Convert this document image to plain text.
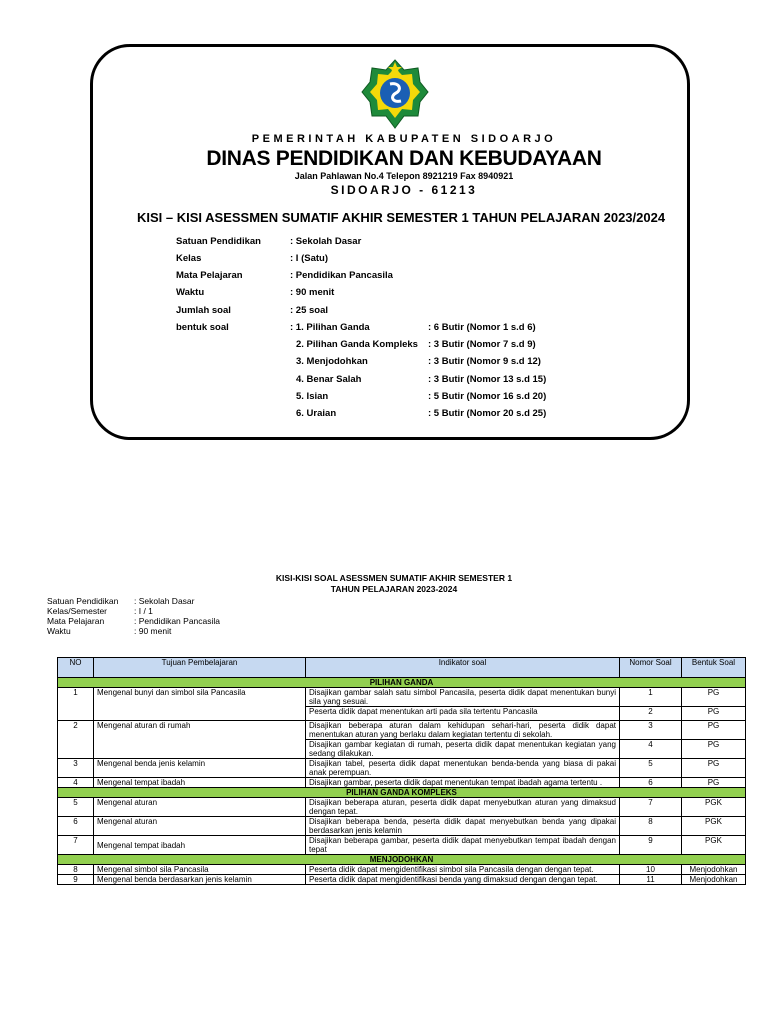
PEMERINTAH KABUPATEN SIDOARJO
DINAS PENDIDIKAN DAN KEBUDAYAAN
Jalan Pahlawan No.4 Telepon 8921219 Fax 8940921
SIDOARJO - 61213
KISI – KISI ASESSMEN SUMATIF AKHIR SEMESTER 1 TAHUN PELAJARAN 2023/2024
Satuan Pendidikan	: Sekolah Dasar
Kelas	: I (Satu)
Mata Pelajaran	: Pendidikan Pancasila
Waktu	: 90 menit
Jumlah soal	: 25 soal
bentuk soal	: 1. Pilihan Ganda	: 6 Butir (Nomor 1 s.d 6)
2. Pilihan Ganda Kompleks : 3 Butir (Nomor 7 s.d 9)
3. Menjodohkan	: 3 Butir (Nomor 9 s.d 12)
4. Benar Salah	: 3 Butir (Nomor 13 s.d 15)
5. Isian	: 5 Butir (Nomor 16 s.d 20)
6. Uraian	: 5 Butir (Nomor 20 s.d 25)
KISI-KISI SOAL ASESSMEN SUMATIF AKHIR SEMESTER 1
TAHUN PELAJARAN 2023-2024
Satuan Pendidikan : Sekolah Dasar
Kelas/Semester	: I / 1
Mata Pelajaran	: Pendidikan Pancasila
Waktu	: 90 menit
NO	Tujuan Pembelajaran	Indikator soal	Nomor Soal	Bentuk Soal
PILIHAN GANDA				
1	Mengenal bunyi dan simbol sila Pancasila	Disajikan gambar salah satu simbol Pancasila, peserta didik dapat menentukan bunyi sila yang sesuai.	1	PG
		Peserta didik dapat menentukan arti pada sila tertentu Pancasila	2	PG
2	Mengenal aturan di rumah	Disajikan beberapa aturan dalam kehidupan sehari-hari, peserta didik dapat menentukan aturan yang berlaku dalam kegiatan tertentu di sekolah.	3	PG
		Disajikan gambar kegiatan di rumah, peserta didik dapat menentukan kegiatan yang sedang dilakukan.	4	PG
3	Mengenal benda jenis kelamin	Disajikan tabel, peserta didik dapat menentukan benda-benda yang biasa di pakai anak perempuan.	5	PG
4	Mengenal tempat ibadah	Disajikan gambar, peserta didik dapat menentukan tempat ibadah agama tertentu .	6	PG
PILIHAN GANDA KOMPLEKS				
5	Mengenal aturan	Disajikan beberapa aturan, peserta didik dapat menyebutkan aturan yang dimaksud dengan tepat.	7	PGK
6	Mengenal aturan	Disajikan beberapa benda, peserta didik dapat menyebutkan benda yang dipakai berdasarkan jenis kelamin	8	PGK
7	Mengenal tempat ibadah	Disajikan beberapa gambar, peserta didik dapat menyebutkan tempat ibadah dengan tepat	9	PGK
MENJODOHKAN				
8	Mengenal simbol sila Pancasila	Peserta didik dapat mengidentifikasi simbol sila Pancasila dengan dengan tepat.	10	Menjodohkan
9	Mengenal benda berdasarkan jenis kelamin	Peserta didik dapat mengidentifikasi benda yang dimaksud dengan dengan tepat.	11	Menjodohkan
